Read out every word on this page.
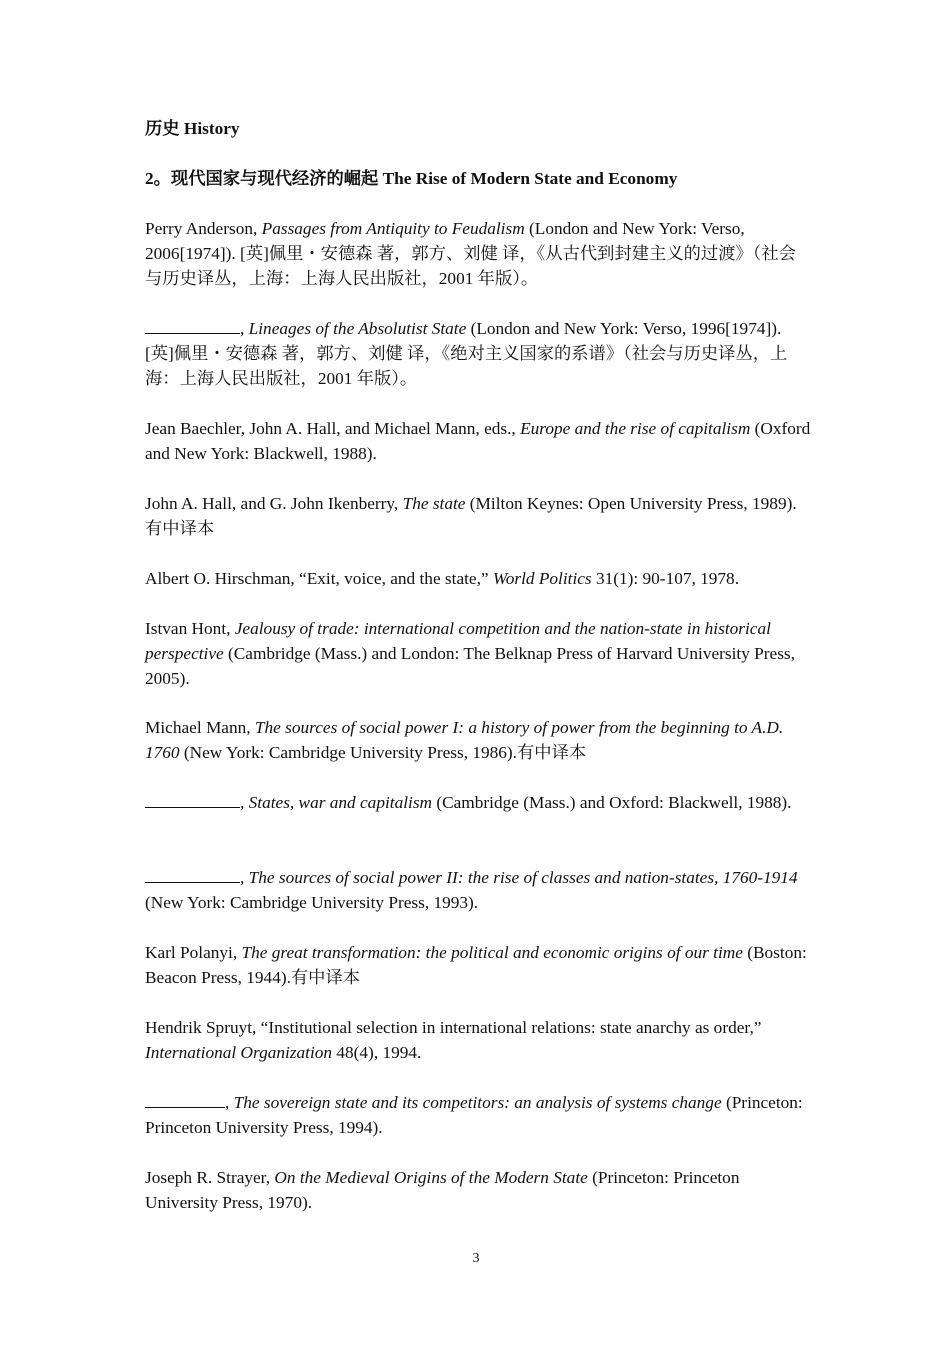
历史 History
2。现代国家与现代经济的崛起 The Rise of Modern State and Economy
Perry Anderson, Passages from Antiquity to Feudalism (London and New York: Verso, 2006[1974]). [英]佩里・安德森 著，郭方、刘健 译，《从古代到封建主义的过渡》（社会与历史译丛，上海：上海人民出版社，2001 年版）。
, Lineages of the Absolutist State (London and New York: Verso, 1996[1974]). [英]佩里・安德森 著，郭方、刘健 译，《绝对主义国家的系谱》（社会与历史译丛，上海：上海人民出版社，2001 年版）。
Jean Baechler, John A. Hall, and Michael Mann, eds., Europe and the rise of capitalism (Oxford and New York: Blackwell, 1988).
John A. Hall, and G. John Ikenberry, The state (Milton Keynes: Open University Press, 1989).有中译本
Albert O. Hirschman, “Exit, voice, and the state,” World Politics 31(1): 90-107, 1978.
Istvan Hont, Jealousy of trade: international competition and the nation-state in historical perspective (Cambridge (Mass.) and London: The Belknap Press of Harvard University Press, 2005).
Michael Mann, The sources of social power I: a history of power from the beginning to A.D. 1760 (New York: Cambridge University Press, 1986).有中译本
, States, war and capitalism (Cambridge (Mass.) and Oxford: Blackwell, 1988).
, The sources of social power II: the rise of classes and nation-states, 1760-1914 (New York: Cambridge University Press, 1993).
Karl Polanyi, The great transformation: the political and economic origins of our time (Boston: Beacon Press, 1944).有中译本
Hendrik Spruyt, “Institutional selection in international relations: state anarchy as order,” International Organization 48(4), 1994.
, The sovereign state and its competitors: an analysis of systems change (Princeton: Princeton University Press, 1994).
Joseph R. Strayer, On the Medieval Origins of the Modern State (Princeton: Princeton University Press, 1970).
3
